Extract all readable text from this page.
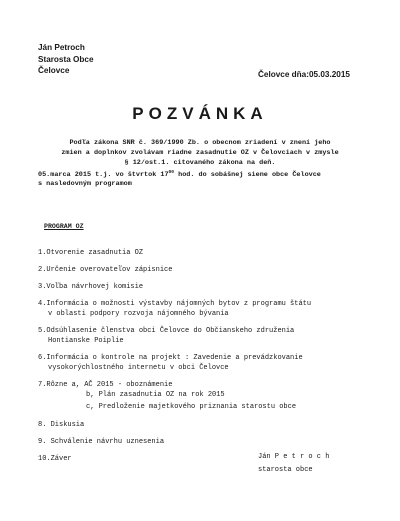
Ján Petroch
Starosta Obce
Čelovce	Čelovce dňa:05.03.2015
POZVÁNKA
Podľa zákona SNR č. 369/1990 Zb. o obecnom zriadení v znení jeho
zmien a doplnkov zvolávam riadne zasadnutie OZ v Čelovciach v zmysle
§ 12/ost.1. citovaného zákona na deň.
05.marca 2015 t.j. vo štvrtok $17^{00}$ hod. do sobášnej siene obce Čelovce
s nasledovným programom
PROGRAM OZ
1.Otvorenie zasadnutia OZ
2.Určenie overovateľov zápisnice
3.Voľba návrhovej komisie
4.Informácia o možnosti výstavby nájomných bytov z programu štátu
v oblasti podpory rozvoja nájomného bývania
5.Odsúhlasenie členstva obci Čelovce do Občianskeho združenia
Hontianske Poiplie
6.Informácia o kontrole na projekt : Zavedenie a prevádzkovanie
vysokorýchlostného internetu v obci Čelovce
7.Rôzne a, AČ 2015 - oboznámenie
b, Plán zasadnutia OZ na rok 2015
c, Predloženie majetkového priznania starostu obce
8. Diskusia
9. Schválenie návrhu uznesenia
10.Záver	Ján P e t r o c h
starosta obce
